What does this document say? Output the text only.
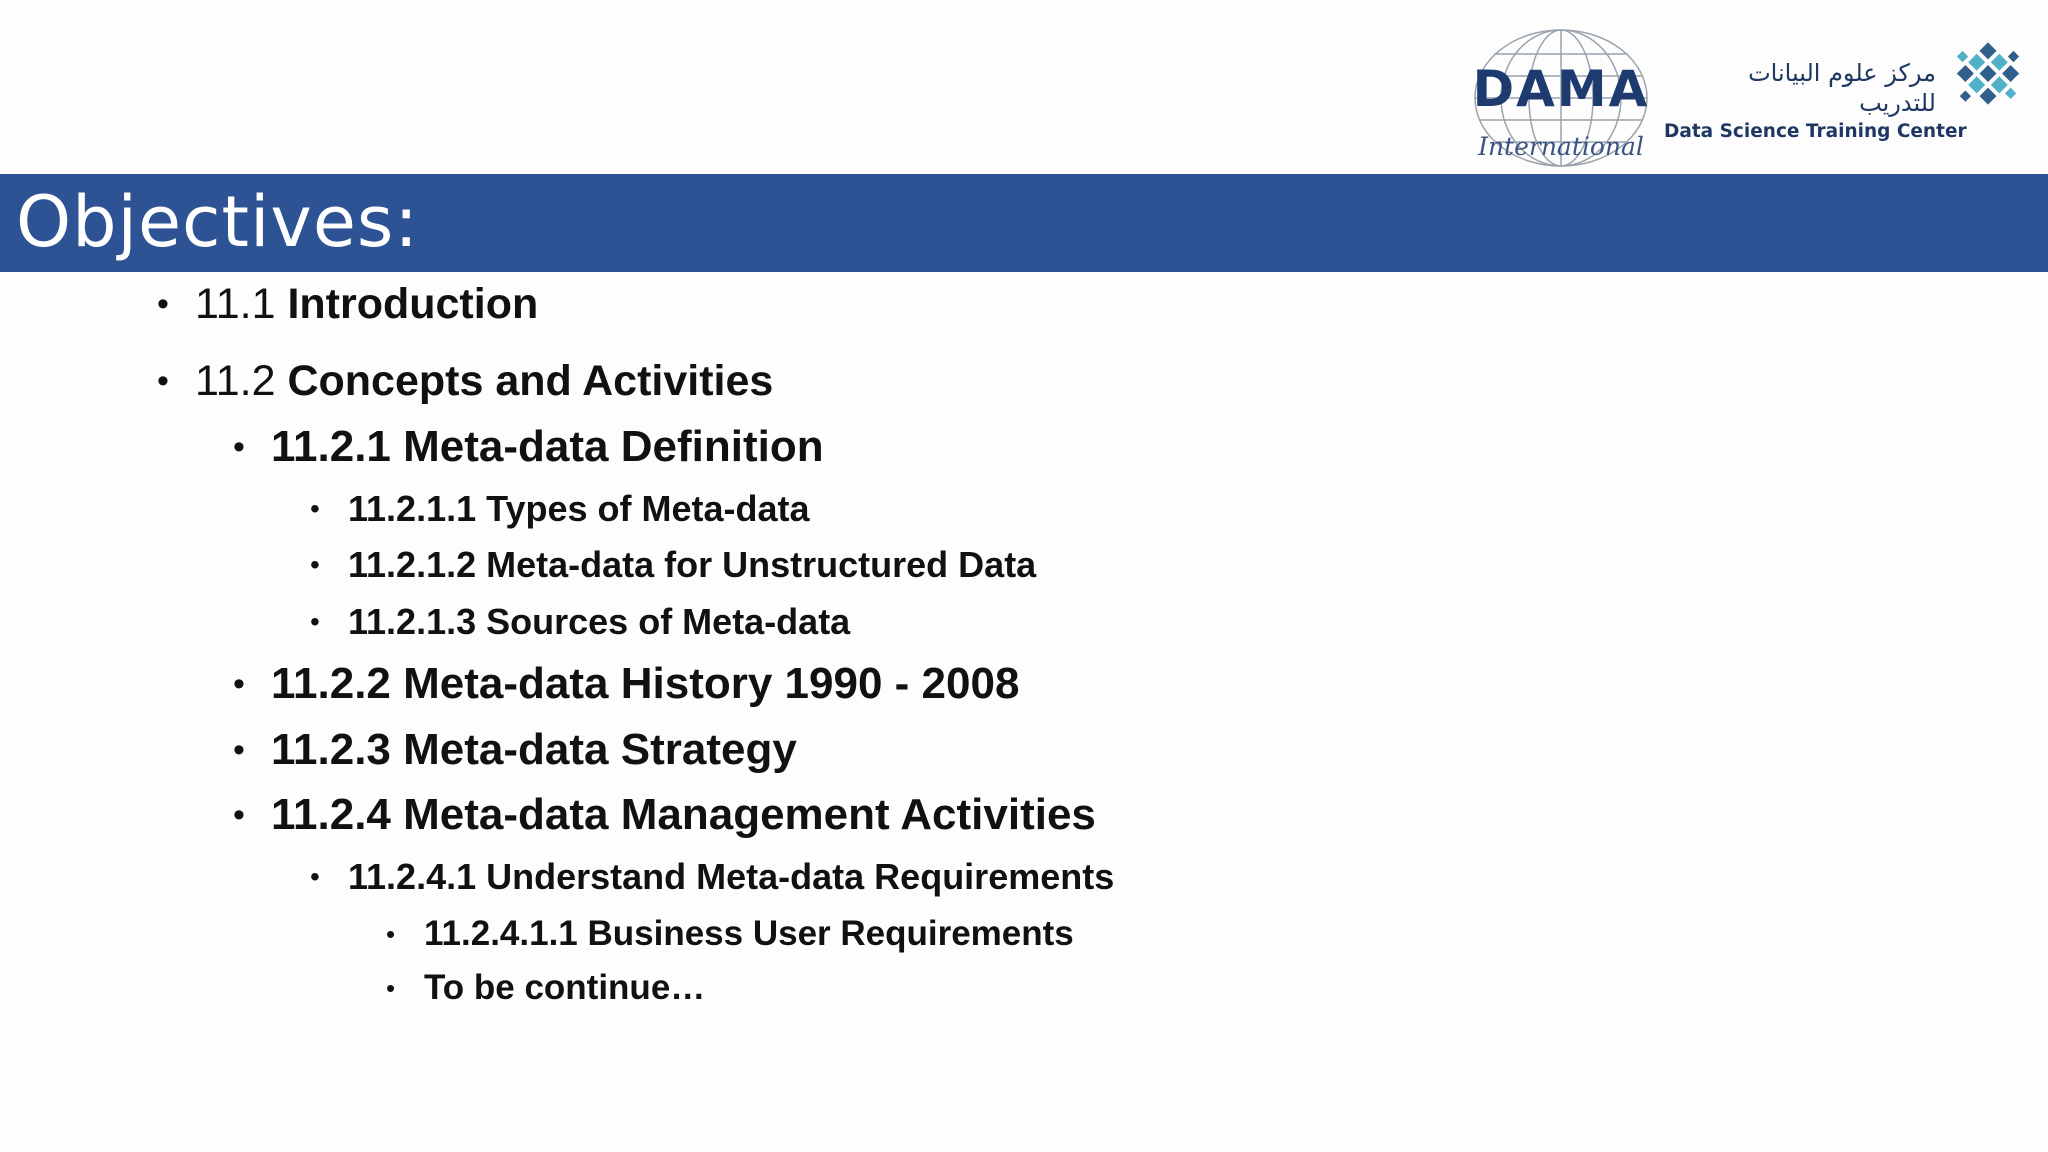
DAMA
International
مركز علوم البيانات للتدريب
Data Science Training Center
Objectives:
• 11.1 Introduction
• 11.2 Concepts and Activities
• 11.2.1 Meta-data Definition
• 11.2.1.1 Types of Meta-data
• 11.2.1.2 Meta-data for Unstructured Data
• 11.2.1.3 Sources of Meta-data
• 11.2.2 Meta-data History 1990 - 2008
• 11.2.3 Meta-data Strategy
• 11.2.4 Meta-data Management Activities
• 11.2.4.1 Understand Meta-data Requirements
• 11.2.4.1.1 Business User Requirements
• To be continue…
